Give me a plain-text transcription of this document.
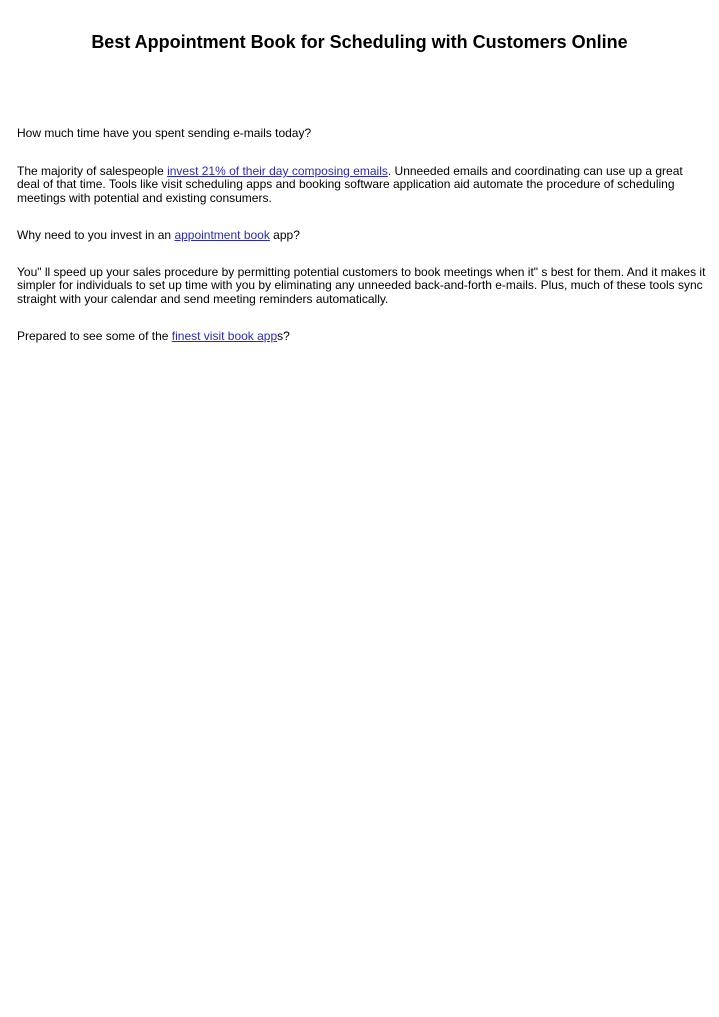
Best Appointment Book for Scheduling with Customers Online

How much time have you spent sending e-mails today?

The majority of salespeople invest 21% of their day composing emails. Unneeded emails and coordinating can use up a great deal of that time. Tools like visit scheduling apps and booking software application aid automate the procedure of scheduling meetings with potential and existing consumers.

Why need to you invest in an appointment book app?

You" ll speed up your sales procedure by permitting potential customers to book meetings when it" s best for them. And it makes it simpler for individuals to set up time with you by eliminating any unneeded back-and-forth e-mails. Plus, much of these tools sync straight with your calendar and send meeting reminders automatically.

Prepared to see some of the finest visit book apps?
